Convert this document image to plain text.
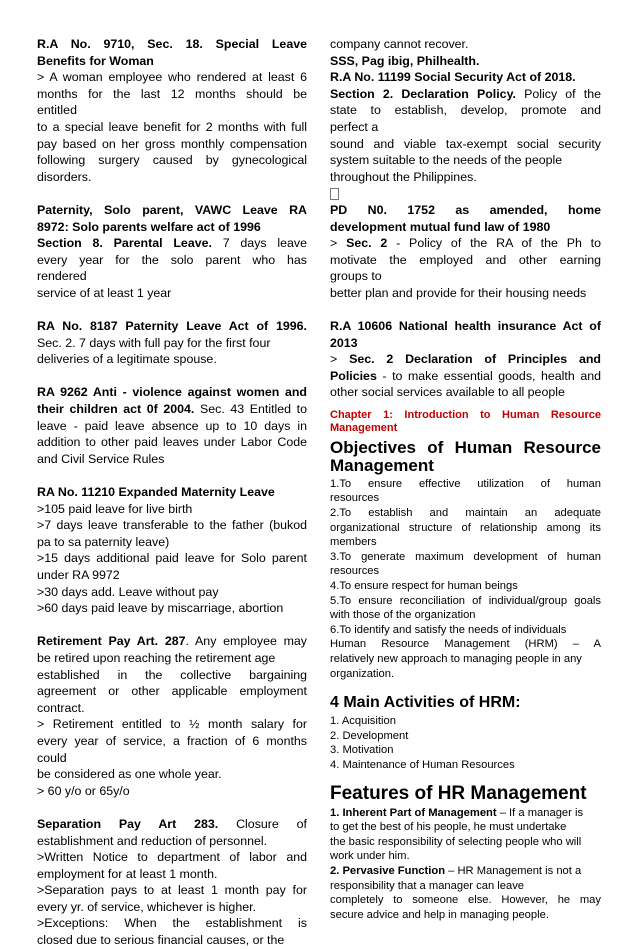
R.A No. 9710, Sec. 18. Special Leave
Benefits for Woman
> A woman employee who rendered at least 6
months for the last 12 months should be
entitled
to a special leave benefit for 2 months with full
pay based on her gross monthly compensation
following surgery caused by gynecological
disorders.
Paternity, Solo parent, VAWC Leave RA
8972: Solo parents welfare act of 1996
Section 8. Parental Leave. 7 days leave
every year for the solo parent who has
rendered
service of at least 1 year
RA No. 8187 Paternity Leave Act of 1996.
Sec. 2. 7 days with full pay for the first four
deliveries of a legitimate spouse.
RA 9262 Anti - violence against women and
their children act 0f 2004. Sec. 43 Entitled to
leave - paid leave absence up to 10 days in
addition to other paid leaves under Labor Code
and Civil Service Rules
RA No. 11210 Expanded Maternity Leave
>105 paid leave for live birth
>7 days leave transferable to the father (bukod
pa to sa paternity leave)
>15 days additional paid leave for Solo parent
under RA 9972
>30 days add. Leave without pay
>60 days paid leave by miscarriage, abortion
Retirement Pay Art. 287. Any employee may
be retired upon reaching the retirement age
established in the collective bargaining
agreement or other applicable employment
contract.
> Retirement entitled to ½ month salary for
every year of service, a fraction of 6 months
could
be considered as one whole year.
> 60 y/o or 65y/o
Separation Pay Art 283. Closure of
establishment and reduction of personnel.
>Written Notice to department of labor and
employment for at least 1 month.
>Separation pays to at least 1 month pay for
every yr. of service, whichever is higher.
>Exceptions: When the establishment is
closed due to serious financial causes, or the
company cannot recover.
SSS, Pag ibig, Philhealth.
R.A No. 11199 Social Security Act of 2018.
Section 2. Declaration Policy. Policy of the
state to establish, develop, promote and
perfect a
sound and viable tax-exempt social security
system suitable to the needs of the people
throughout the Philippines.
PD N0. 1752 as amended, home
development mutual fund law of 1980
> Sec. 2 - Policy of the RA of the Ph to
motivate the employed and other earning
groups to
better plan and provide for their housing needs
R.A 10606 National health insurance Act of
2013
> Sec. 2 Declaration of Principles and
Policies - to make essential goods, health and
other social services available to all people
Chapter 1: Introduction to Human Resource
Management
Objectives of Human Resource
Management
1.To ensure effective utilization of human
resources
2.To establish and maintain an adequate
organizational structure of relationship among its
members
3.To generate maximum development of human
resources
4.To ensure respect for human beings
5.To ensure reconciliation of individual/group goals
with those of the organization
6.To identify and satisfy the needs of individuals
Human Resource Management (HRM) – A
relatively new approach to managing people in any
organization.
4 Main Activities of HRM:
1. Acquisition
2. Development
3. Motivation
4. Maintenance of Human Resources
Features of HR Management
1. Inherent Part of Management – If a manager is
to get the best of his people, he must undertake
the basic responsibility of selecting people who will
work under him.
2. Pervasive Function – HR Management is not a
responsibility that a manager can leave
completely to someone else. However, he may
secure advice and help in managing people.
